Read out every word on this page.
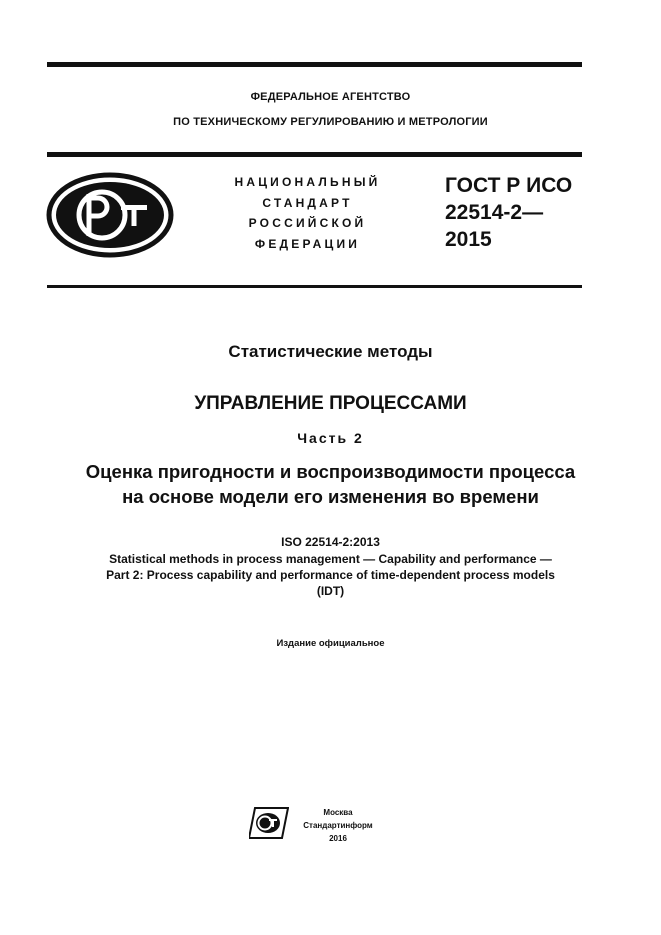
ФЕДЕРАЛЬНОЕ АГЕНТСТВО
ПО ТЕХНИЧЕСКОМУ РЕГУЛИРОВАНИЮ И МЕТРОЛОГИИ
НАЦИОНАЛЬНЫЙ
СТАНДАРТ
РОССИЙСКОЙ
ФЕДЕРАЦИИ
ГОСТ Р ИСО
22514-2—
2015
Статистические методы
УПРАВЛЕНИЕ ПРОЦЕССАМИ
Часть 2
Оценка пригодности и воспроизводимости процесса
на основе модели его изменения во времени
ISO 22514-2:2013
Statistical methods in process management — Capability and performance —
Part 2: Process capability and performance of time-dependent process models
(IDT)
Издание официальное
Москва
Стандартинформ
2016
